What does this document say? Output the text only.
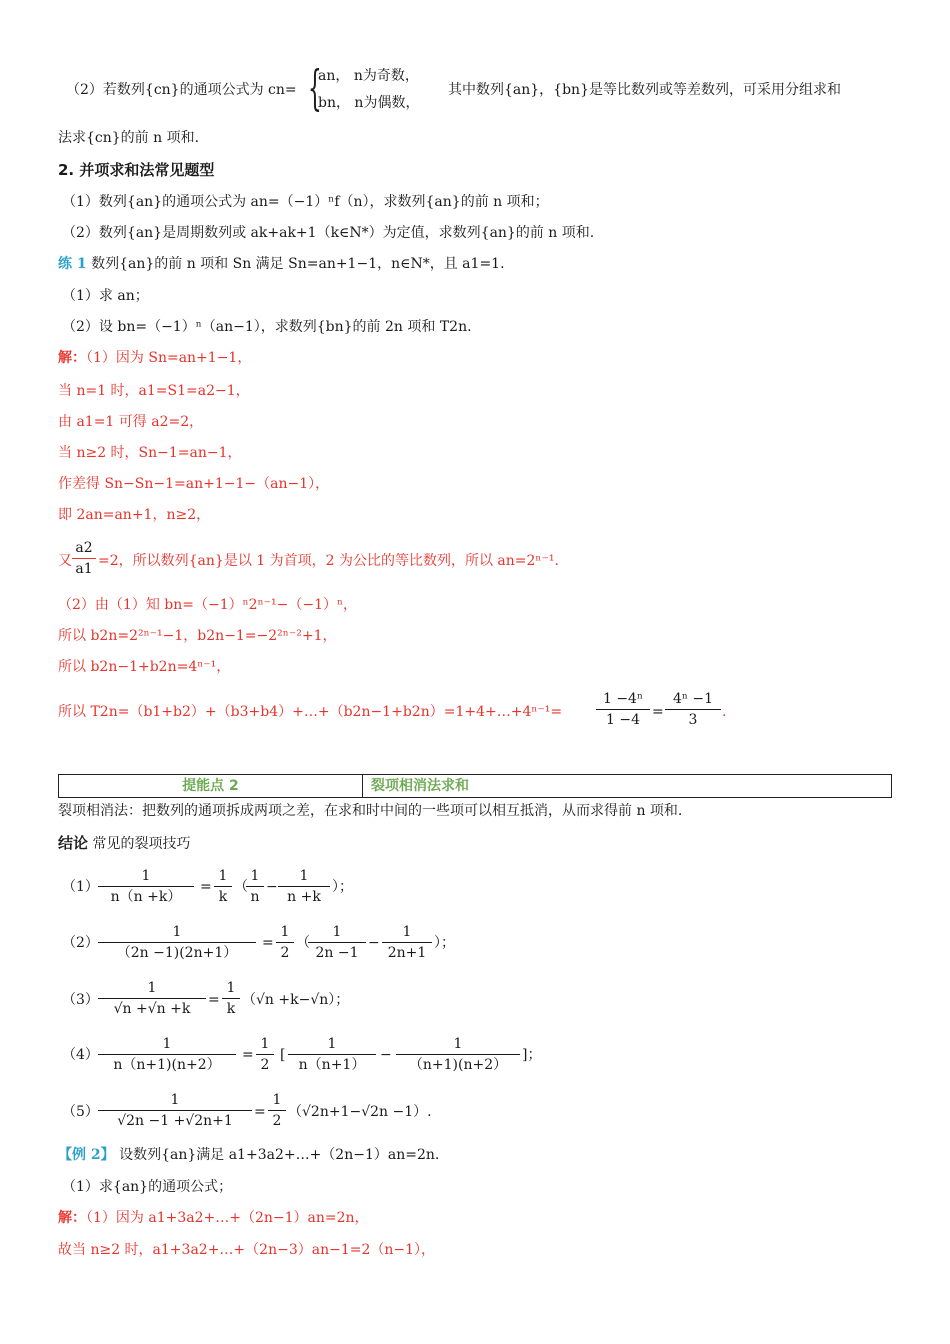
（2）若数列{cn}的通项公式为 cn= {
an， n为奇数，
bn， n为偶数，
其中数列{an}，{bn}是等比数列或等差数列，可采用分组求和
法求{cn}的前 n 项和.
2. 并项求和法常见题型
（1）数列{an}的通项公式为 an=（−1）ⁿf（n），求数列{an}的前 n 项和；
（2）数列{an}是周期数列或 ak+ak+1（k∈N*）为定值，求数列{an}的前 n 项和.
练 1 数列{an}的前 n 项和 Sn 满足 Sn=an+1−1，n∈N*，且 a1=1.
（1）求 an；
（2）设 bn=（−1）ⁿ（an−1），求数列{bn}的前 2n 项和 T2n.
解：（1）因为 Sn=an+1−1，
当 n=1 时，a1=S1=a2−1，
由 a1=1 可得 a2=2，
当 n≥2 时，Sn−1=an−1，
作差得 Sn−Sn−1=an+1−1−（an−1），
即 2an=an+1，n≥2，
又 $\frac{a2}{a1} =2$，所以数列{an}是以 1 为首项，2 为公比的等比数列，所以 an=2ⁿ⁻¹.
（2）由（1）知 bn=（−1）ⁿ2ⁿ⁻¹−（−1）ⁿ，
所以 b2n=2²ⁿ⁻¹−1，b2n−1=−2²ⁿ⁻²+1，
所以 b2n−1+b2n=4ⁿ⁻¹，
所以 T2n=（b1+b2）+（b3+b4）+…+（b2n−1+b2n）=1+4+…+4ⁿ⁻¹= $\frac{\text{1 −4ⁿ}}{1 -4} = \frac{\text{4ⁿ −1}}{3}$ .
提能点 2	裂项相消法求和
裂项相消法：把数列的通项拆成两项之差，在求和时中间的一些项可以相互抵消，从而求得前 n 项和.
结论 常见的裂项技巧
$(1) \frac{1}{n(n +k)} = \frac{1}{k}$ （
$\frac{1}{n} - \frac{1}{n +k}$ ）；
$(2) \frac{1}{(2n -1)(2n+1)} = \frac{1}{2}$ （
$\frac{1}{2n -1} - \frac{1}{2n+1}$ ）；
$(3) \frac{1}{√n +√n +k} = \frac{1}{k} (√n +k-√n)$；
$(4) \frac{1}{n(n+1)(n+2)} = \frac{1}{2}$ [ $\frac{1}{n(n+1)} - \frac{1}{(n+1)(n+2)}$ ]；
$(5) \frac{1}{√2n -1 +√2n+1} = \frac{1}{2} (√2n+1-√2n -1)$.
【例 2】 设数列{an}满足 a1+3a2+…+（2n−1）an=2n.
（1）求{an}的通项公式；
解：（1）因为 a1+3a2+…+（2n−1）an=2n，
故当 n≥2 时，a1+3a2+…+（2n−3）an−1=2（n−1），
